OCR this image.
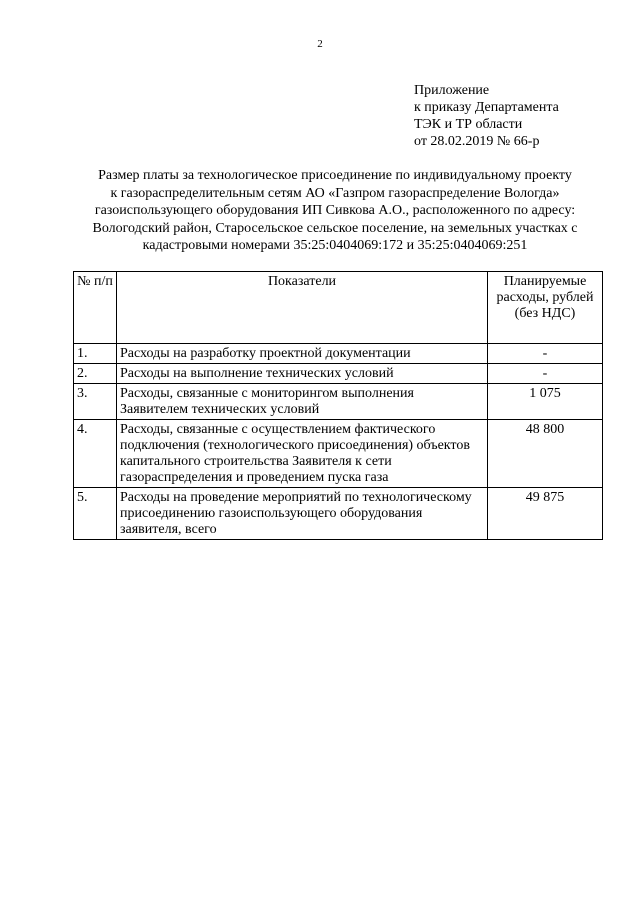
2
Приложение
к приказу Департамента
ТЭК и ТР области
от 28.02.2019 № 66-р
Размер платы за технологическое присоединение по индивидуальному проекту
к газораспределительным сетям АО «Газпром газораспределение Вологда»
газоиспользующего оборудования ИП Сивкова А.О., расположенного по адресу:
Вологодский район, Старосельское сельское поселение, на земельных участках с
кадастровыми номерами 35:25:0404069:172 и 35:25:0404069:251
№ п/п	Показатели	Планируемые расходы, рублей (без НДС)
1.	Расходы на разработку проектной документации	-
2.	Расходы на выполнение технических условий	-
3.	Расходы, связанные с мониторингом выполнения Заявителем технических условий	1 075
4.	Расходы, связанные с осуществлением фактического подключения (технологического присоединения) объектов капитального строительства Заявителя к сети газораспределения и проведением пуска газа	48 800
5.	Расходы на проведение мероприятий по технологическому присоединению газоиспользующего оборудования заявителя, всего	49 875
